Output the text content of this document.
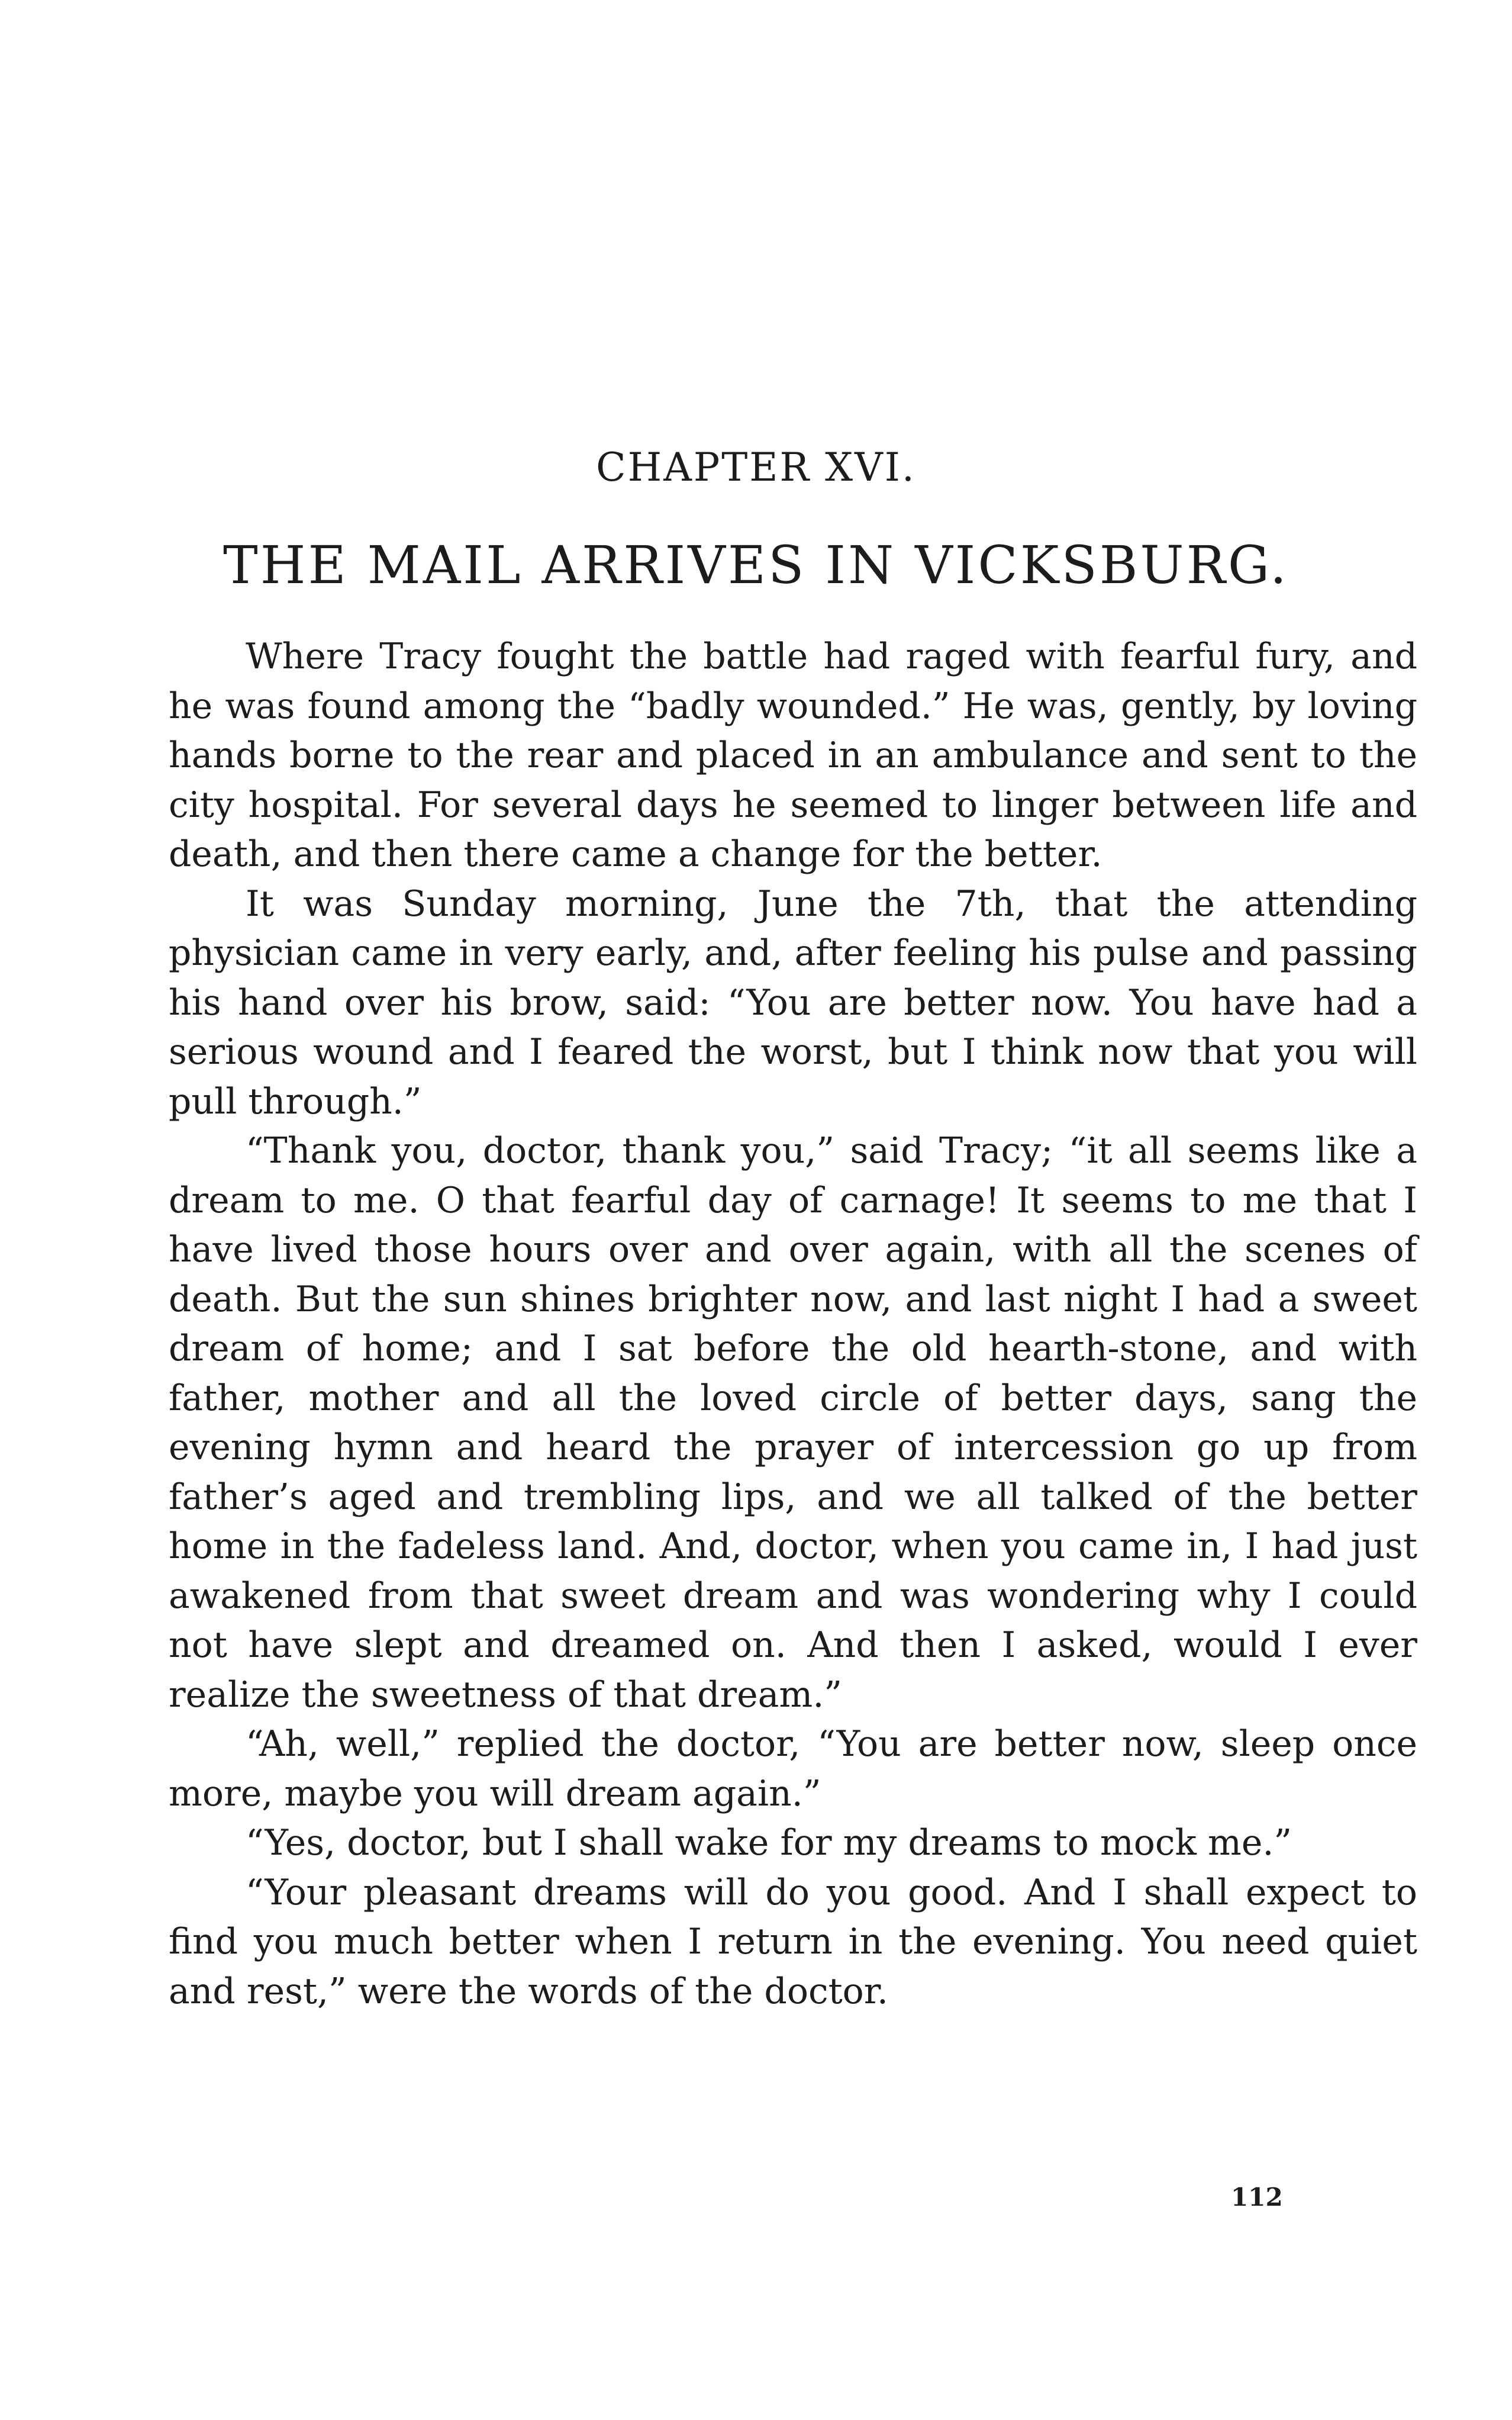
CHAPTER XVI.
THE MAIL ARRIVES IN VICKSBURG.

Where Tracy fought the battle had raged with fearful fury, and he was found among the “badly wounded.” He was, gently, by loving hands borne to the rear and placed in an ambulance and sent to the city hospital. For several days he seemed to linger between life and death, and then there came a change for the better.

It was Sunday morning, June the 7th, that the attending physician came in very early, and, after feeling his pulse and passing his hand over his brow, said: “You are better now. You have had a serious wound and I feared the worst, but I think now that you will pull through.”

“Thank you, doctor, thank you,” said Tracy; “it all seems like a dream to me. O that fearful day of carnage! It seems to me that I have lived those hours over and over again, with all the scenes of death. But the sun shines brighter now, and last night I had a sweet dream of home; and I sat before the old hearth-stone, and with father, mother and all the loved circle of better days, sang the evening hymn and heard the prayer of intercession go up from father’s aged and trembling lips, and we all talked of the better home in the fadeless land. And, doctor, when you came in, I had just awakened from that sweet dream and was wondering why I could not have slept and dreamed on. And then I asked, would I ever realize the sweetness of that dream.”

“Ah, well,” replied the doctor, “You are better now, sleep once more, maybe you will dream again.”

“Yes, doctor, but I shall wake for my dreams to mock me.”

“Your pleasant dreams will do you good. And I shall expect to find you much better when I return in the evening. You need quiet and rest,” were the words of the doctor.

112
